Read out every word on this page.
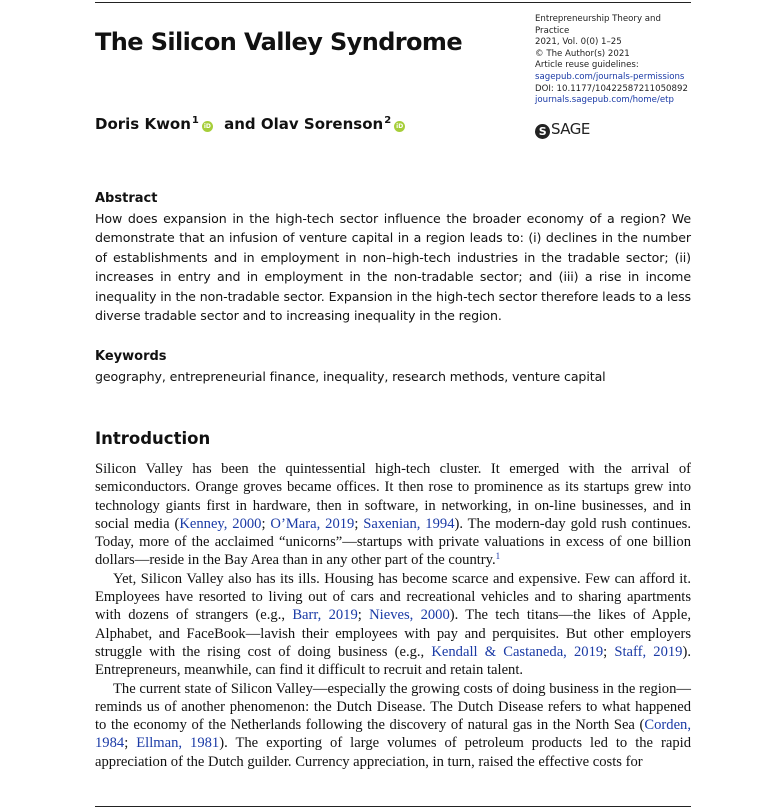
The Silicon Valley Syndrome
Doris Kwon$^1$iD and Olav Sorenson$^2$iD
Entrepreneurship Theory and
Practice
2021, Vol. 0(0) 1–25
© The Author(s) 2021
Article reuse guidelines:
sagepub.com/journals-permissions
DOI: 10.1177/10422587211050892
journals.sagepub.com/home/etp
S SAGE
Abstract

How does expansion in the high-tech sector influence the broader economy of a region? We demonstrate that an infusion of venture capital in a region leads to: (i) declines in the number of establishments and in employment in non–high-tech industries in the tradable sector; (ii) increases in entry and in employment in the non-tradable sector; and (iii) a rise in income inequality in the non-tradable sector. Expansion in the high-tech sector therefore leads to a less diverse tradable sector and to increasing inequality in the region.

Keywords

geography, entrepreneurial finance, inequality, research methods, venture capital

Introduction

Silicon Valley has been the quintessential high-tech cluster. It emerged with the arrival of semiconductors. Orange groves became offices. It then rose to prominence as its startups grew into technology giants first in hardware, then in software, in networking, in on-line businesses, and in social media (Kenney, 2000; O’Mara, 2019; Saxenian, 1994). The modern-day gold rush continues. Today, more of the acclaimed “unicorns”—startups with private valuations in excess of one billion dollars—reside in the Bay Area than in any other part of the country.$^1$

Yet, Silicon Valley also has its ills. Housing has become scarce and expensive. Few can afford it. Employees have resorted to living out of cars and recreational vehicles and to sharing apartments with dozens of strangers (e.g., Barr, 2019; Nieves, 2000). The tech titans—the likes of Apple, Alphabet, and FaceBook—lavish their employees with pay and perquisites. But other employers struggle with the rising cost of doing business (e.g., Kendall & Castaneda, 2019; Staff, 2019). Entrepreneurs, meanwhile, can find it difficult to recruit and retain talent.

The current state of Silicon Valley—especially the growing costs of doing business in the region—reminds us of another phenomenon: the Dutch Disease. The Dutch Disease refers to what happened to the economy of the Netherlands following the discovery of natural gas in the North Sea (Corden, 1984; Ellman, 1981). The exporting of large volumes of petroleum products led to the rapid appreciation of the Dutch guilder. Currency appreciation, in turn, raised the effective costs for
